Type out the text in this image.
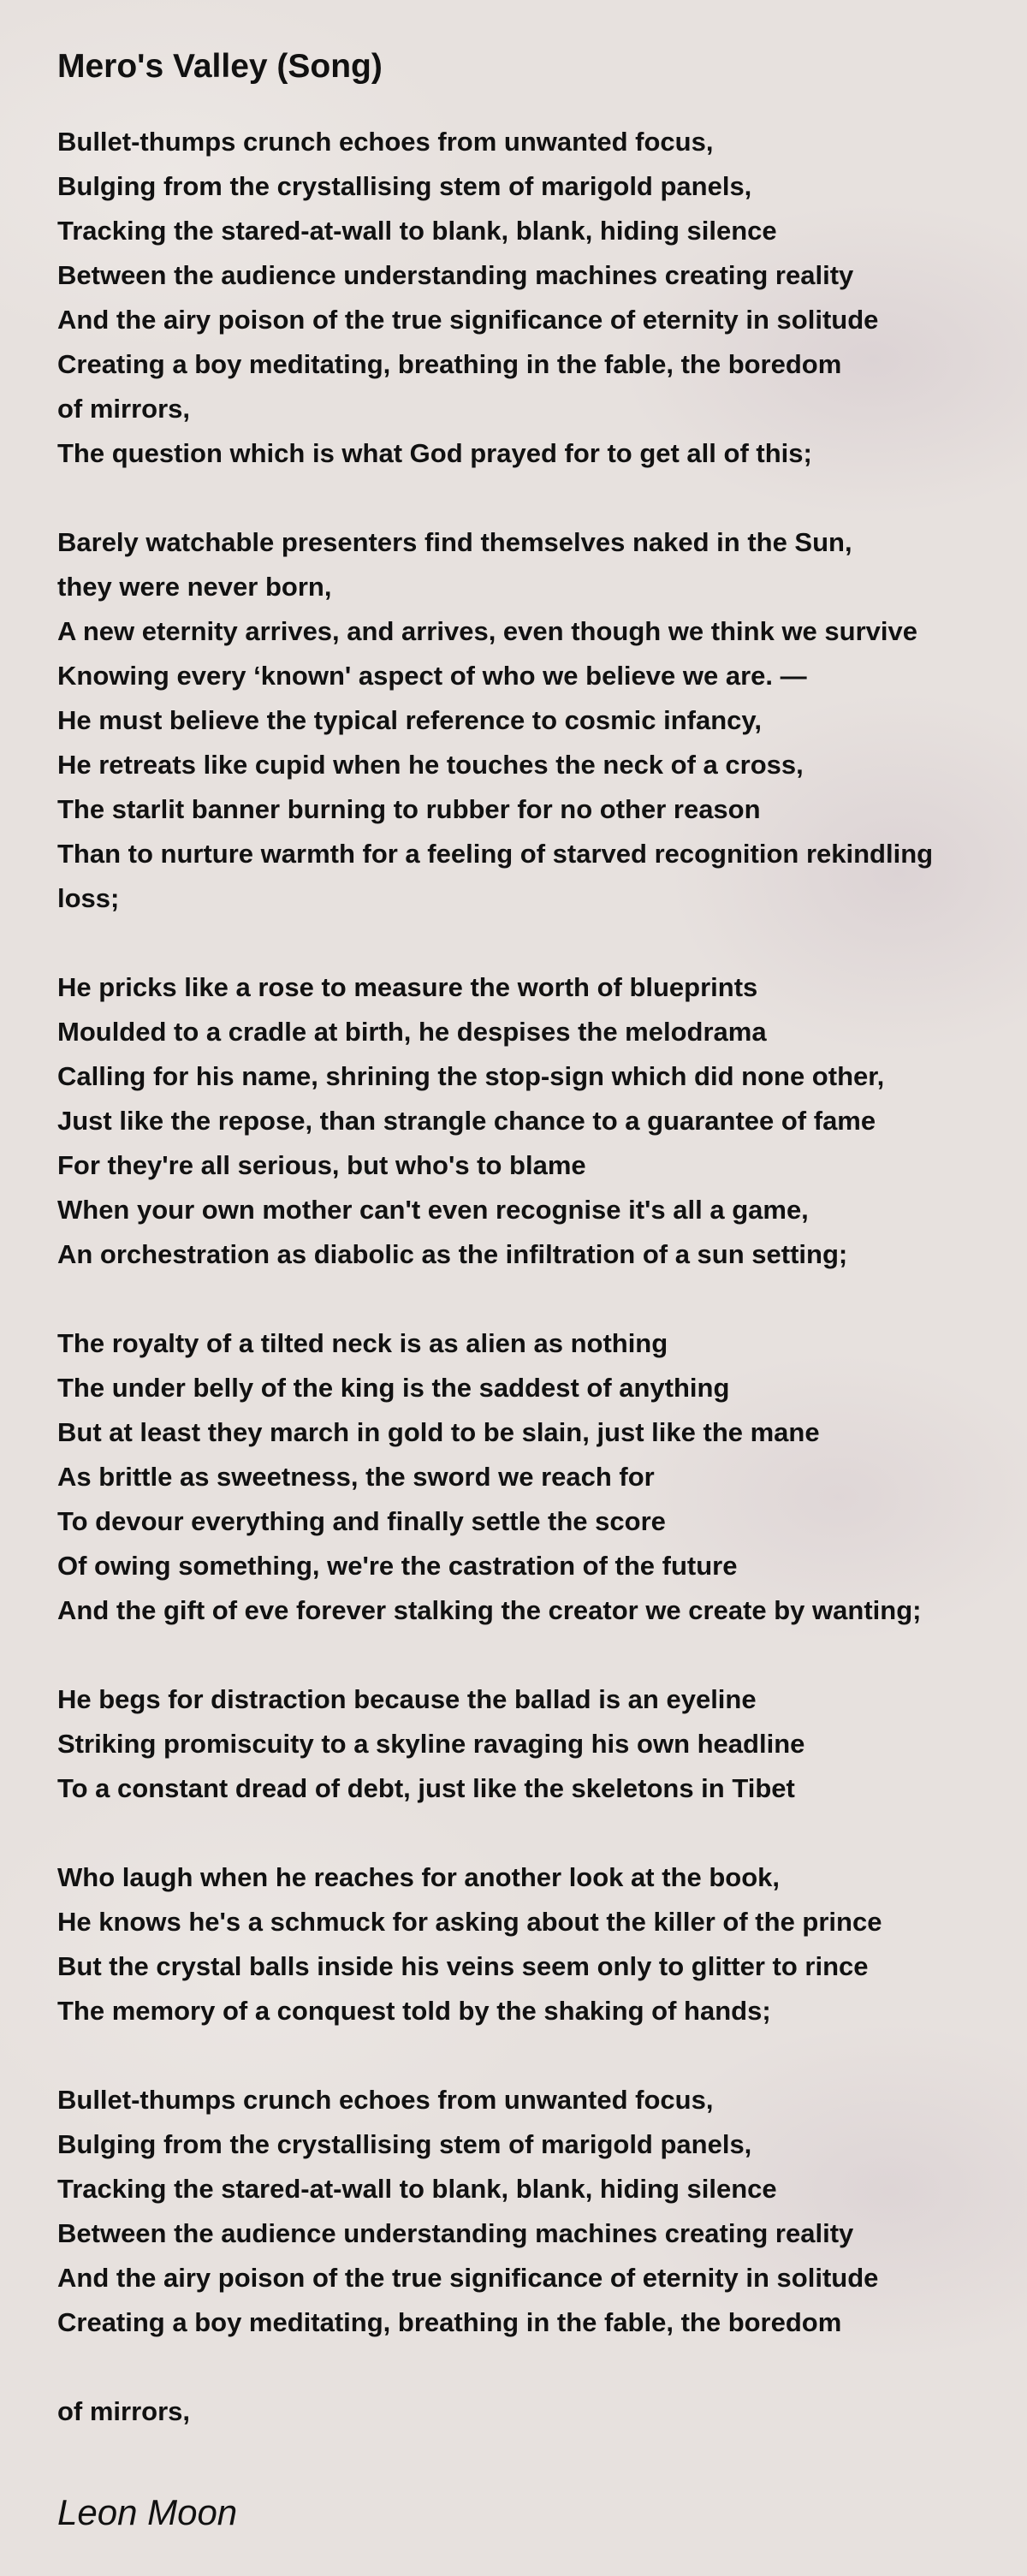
Mero's Valley (Song)

Bullet-thumps crunch echoes from unwanted focus,
Bulging from the crystallising stem of marigold panels,
Tracking the stared-at-wall to blank, blank, hiding silence
Between the audience understanding machines creating reality
And the airy poison of the true significance of eternity in solitude
Creating a boy meditating, breathing in the fable, the boredom
of mirrors,
The question which is what God prayed for to get all of this;

Barely watchable presenters find themselves naked in the Sun,
they were never born,
A new eternity arrives, and arrives, even though we think we survive
Knowing every ‘known' aspect of who we believe we are. —
He must believe the typical reference to cosmic infancy,
He retreats like cupid when he touches the neck of a cross,
The starlit banner burning to rubber for no other reason
Than to nurture warmth for a feeling of starved recognition rekindling
loss;

He pricks like a rose to measure the worth of blueprints
Moulded to a cradle at birth, he despises the melodrama
Calling for his name, shrining the stop-sign which did none other,
Just like the repose, than strangle chance to a guarantee of fame
For they're all serious, but who's to blame
When your own mother can't even recognise it's all a game,
An orchestration as diabolic as the infiltration of a sun setting;

The royalty of a tilted neck is as alien as nothing
The under belly of the king is the saddest of anything
But at least they march in gold to be slain, just like the mane
As brittle as sweetness, the sword we reach for
To devour everything and finally settle the score
Of owing something, we're the castration of the future
And the gift of eve forever stalking the creator we create by wanting;

He begs for distraction because the ballad is an eyeline
Striking promiscuity to a skyline ravaging his own headline
To a constant dread of debt, just like the skeletons in Tibet

Who laugh when he reaches for another look at the book,
He knows he's a schmuck for asking about the killer of the prince
But the crystal balls inside his veins seem only to glitter to rince
The memory of a conquest told by the shaking of hands;

Bullet-thumps crunch echoes from unwanted focus,
Bulging from the crystallising stem of marigold panels,
Tracking the stared-at-wall to blank, blank, hiding silence
Between the audience understanding machines creating reality
And the airy poison of the true significance of eternity in solitude
Creating a boy meditating, breathing in the fable, the boredom

of mirrors,

Leon Moon
